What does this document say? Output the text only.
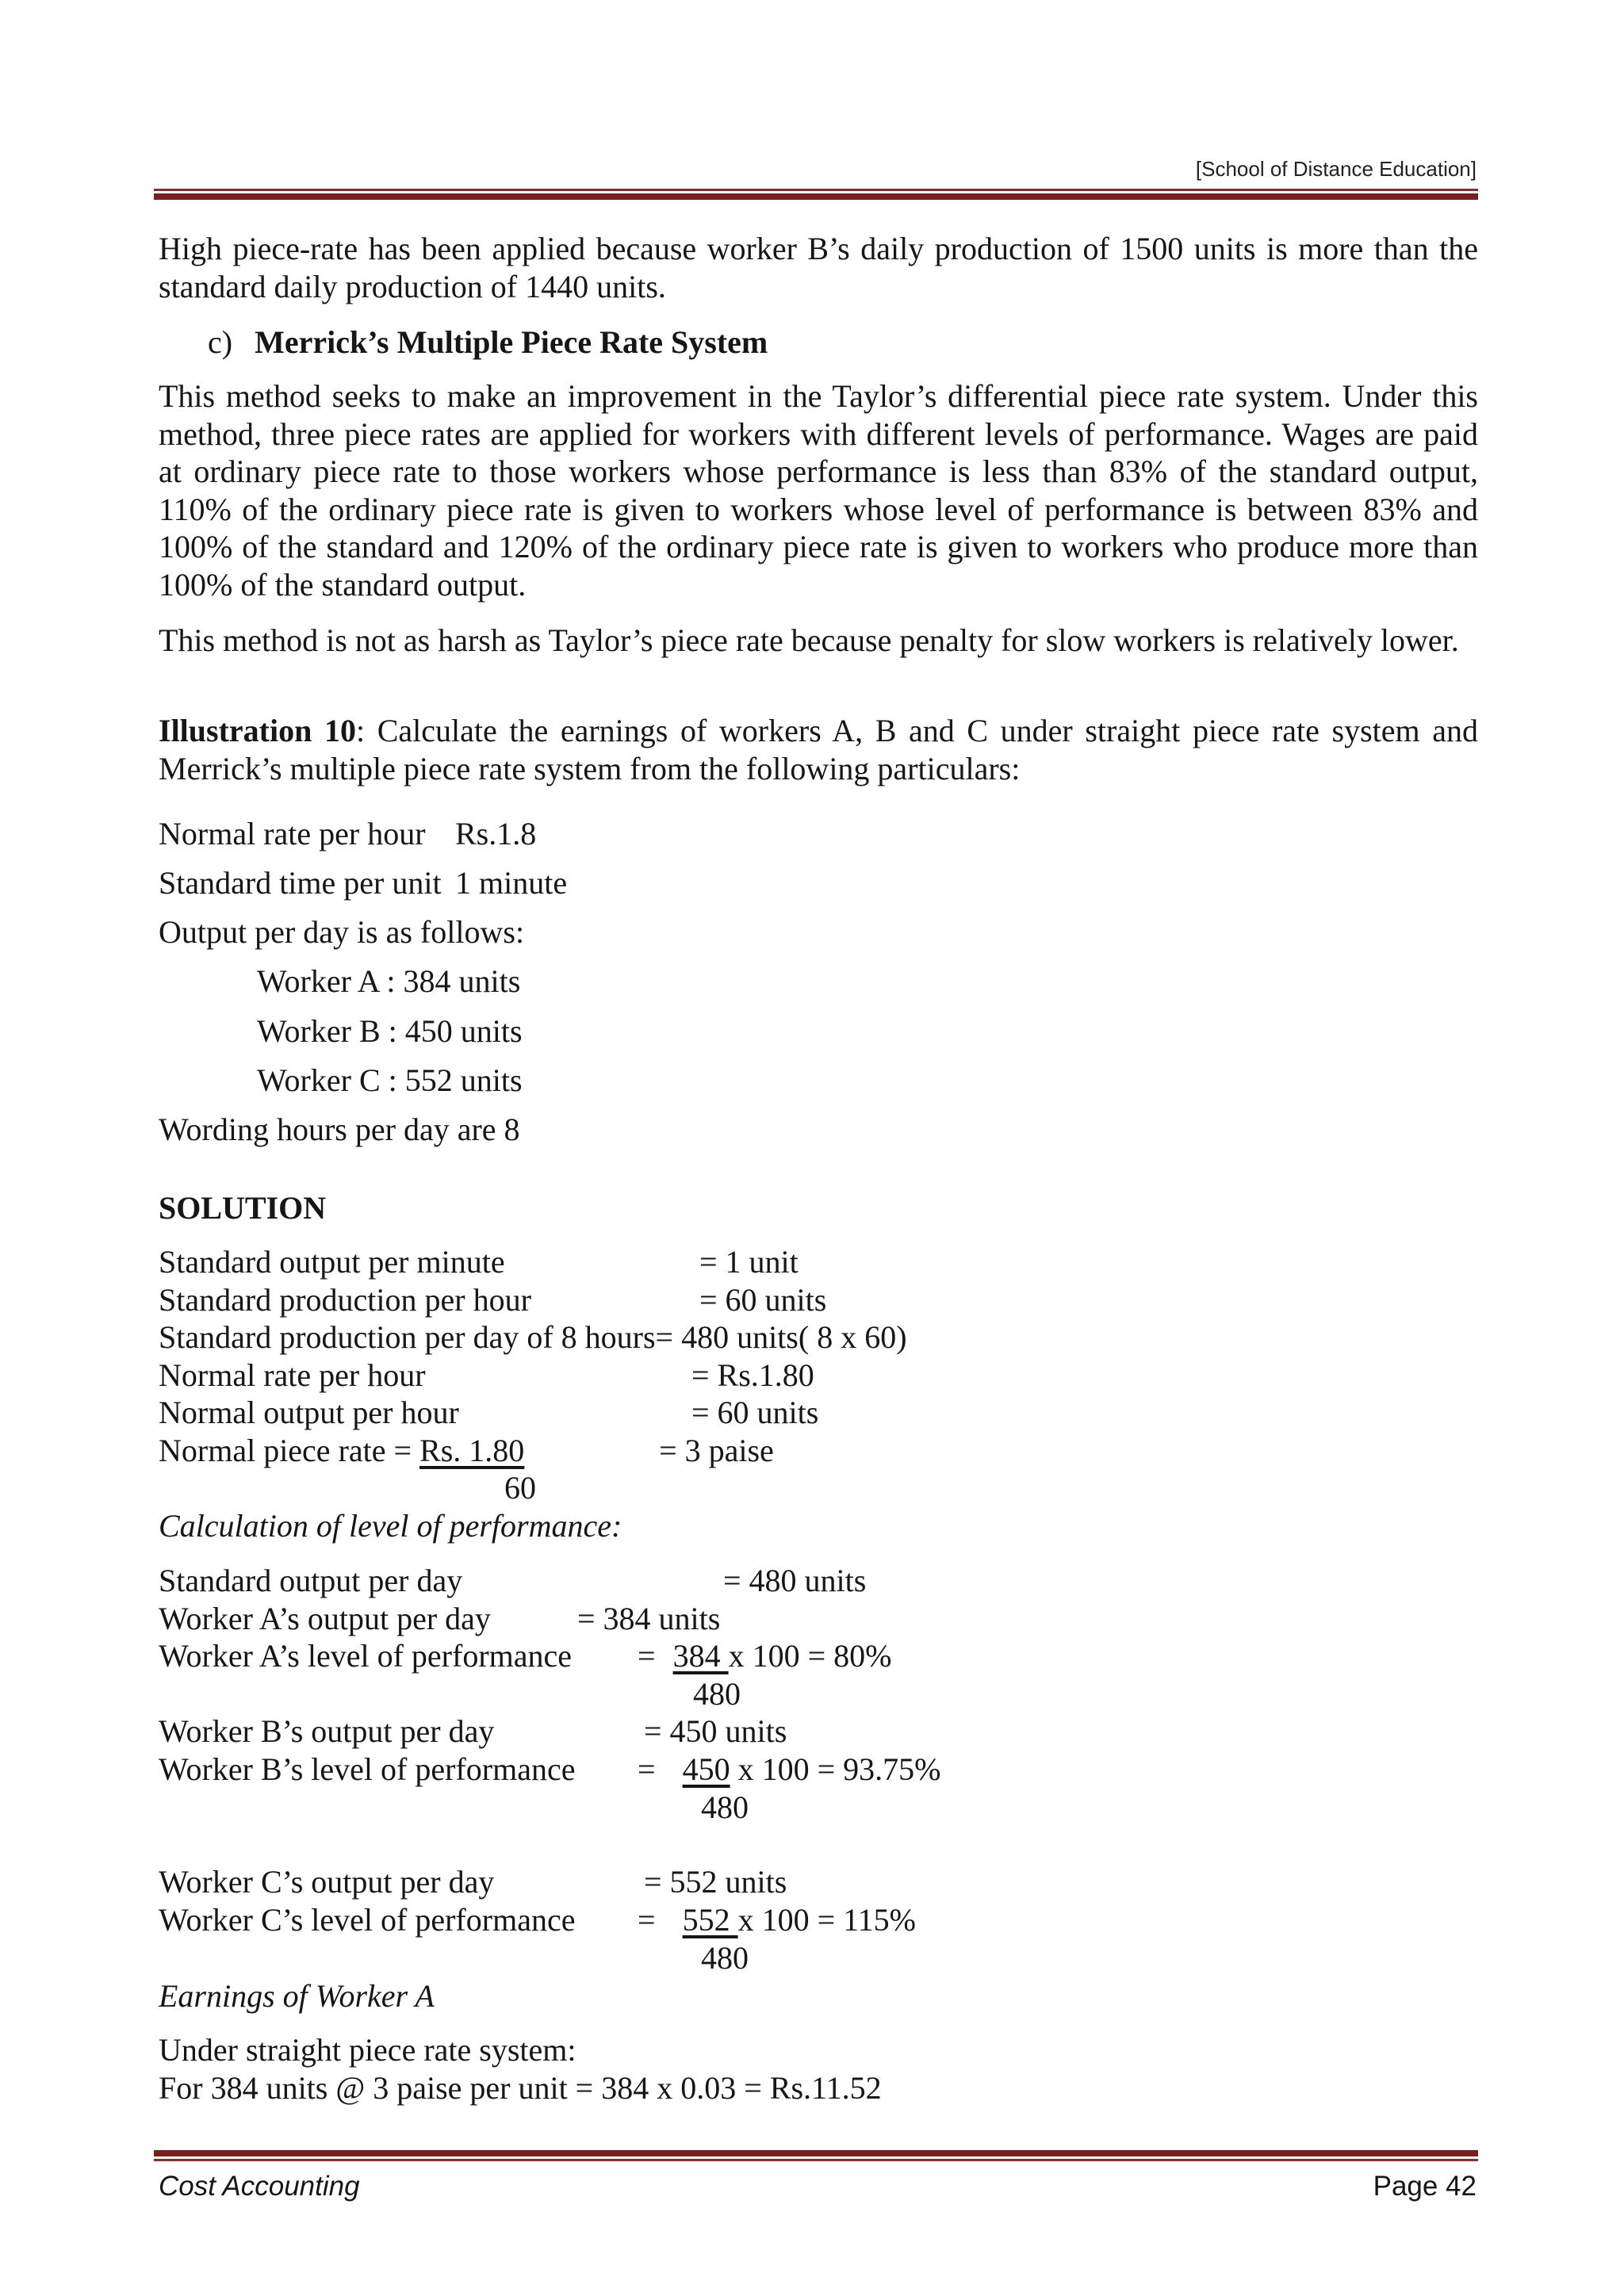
[School of Distance Education]
High piece-rate has been applied because worker B’s daily production of 1500 units is more than the standard daily production of 1440 units.
c) Merrick’s Multiple Piece Rate System
This method seeks to make an improvement in the Taylor’s differential piece rate system. Under this method, three piece rates are applied for workers with different levels of performance. Wages are paid at ordinary piece rate to those workers whose performance is less than 83% of the standard output, 110% of the ordinary piece rate is given to workers whose level of performance is between 83% and 100% of the standard and 120% of the ordinary piece rate is given to workers who produce more than 100% of the standard output.
This method is not as harsh as Taylor’s piece rate because penalty for slow workers is relatively lower.
Illustration 10: Calculate the earnings of workers A, B and C under straight piece rate system and Merrick’s multiple piece rate system from the following particulars:
Normal rate per hour Rs.1.8
Standard time per unit 1 minute
Output per day is as follows:
Worker A : 384 units
Worker B : 450 units
Worker C : 552 units
Wording hours per day are 8
SOLUTION
Standard output per minute	= 1 unit
Standard production per hour	= 60 units
Standard production per day of 8 hours= 480 units( 8 x 60)
Normal rate per hour	= Rs.1.80
Normal output per hour	= 60 units
Normal piece rate = Rs. 1.80	= 3 paise
60
Calculation of level of performance:
Standard output per day	= 480 units
Worker A’s output per day	= 384 units
Worker A’s level of performance = 384 x 100 = 80%
480
Worker B’s output per day	= 450 units
Worker B’s level of performance = 450 x 100 = 93.75%
480
Worker C’s output per day	= 552 units
Worker C’s level of performance = 552 x 100 = 115%
480
Earnings of Worker A
Under straight piece rate system:
For 384 units @ 3 paise per unit = 384 x 0.03 = Rs.11.52
Cost Accounting	Page 42
